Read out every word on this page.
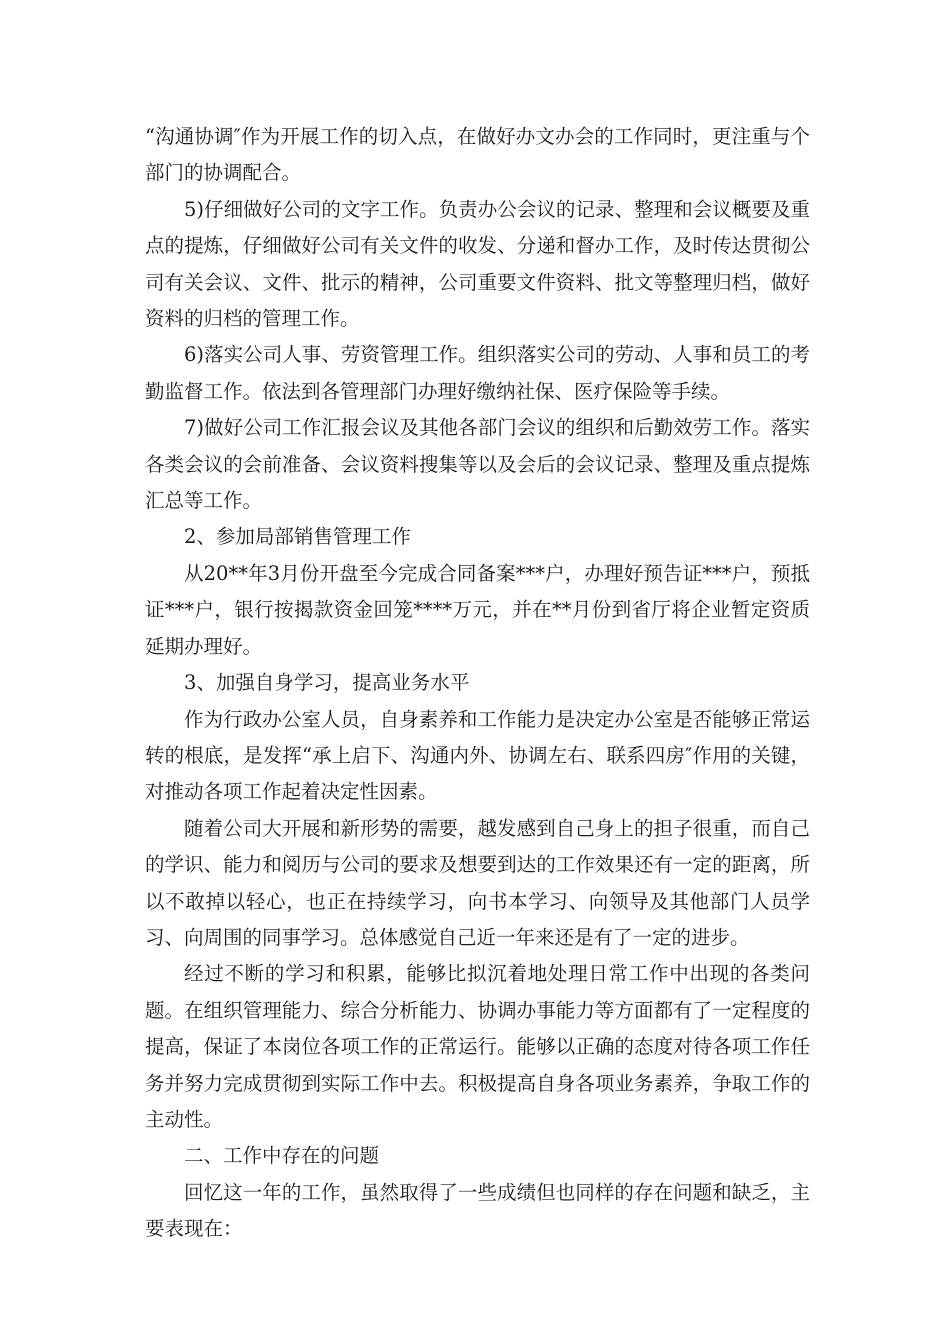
“沟通协调″作为开展工作的切入点，在做好办文办会的工作同时，更注重与个部门的协调配合。

5)仔细做好公司的文字工作。负责办公会议的记录、整理和会议概要及重点的提炼，仔细做好公司有关文件的收发、分递和督办工作，及时传达贯彻公司有关会议、文件、批示的精神，公司重要文件资料、批文等整理归档，做好资料的归档的管理工作。

6)落实公司人事、劳资管理工作。组织落实公司的劳动、人事和员工的考勤监督工作。依法到各管理部门办理好缴纳社保、医疗保险等手续。

7)做好公司工作汇报会议及其他各部门会议的组织和后勤效劳工作。落实各类会议的会前准备、会议资料搜集等以及会后的会议记录、整理及重点提炼汇总等工作。

2、参加局部销售管理工作

从20**年3月份开盘至今完成合同备案***户，办理好预告证***户，预抵证***户，银行按揭款资金回笼****万元，并在**月份到省厅将企业暂定资质延期办理好。

3、加强自身学习，提高业务水平

作为行政办公室人员，自身素养和工作能力是决定办公室是否能够正常运转的根底，是发挥“承上启下、沟通内外、协调左右、联系四房″作用的关键，对推动各项工作起着决定性因素。

随着公司大开展和新形势的需要，越发感到自己身上的担子很重，而自己的学识、能力和阅历与公司的要求及想要到达的工作效果还有一定的距离，所以不敢掉以轻心，也正在持续学习，向书本学习、向领导及其他部门人员学习、向周围的同事学习。总体感觉自己近一年来还是有了一定的进步。

经过不断的学习和积累，能够比拟沉着地处理日常工作中出现的各类问题。在组织管理能力、综合分析能力、协调办事能力等方面都有了一定程度的提高，保证了本岗位各项工作的正常运行。能够以正确的态度对待各项工作任务并努力完成贯彻到实际工作中去。积极提高自身各项业务素养，争取工作的主动性。

二、工作中存在的问题

回忆这一年的工作，虽然取得了一些成绩但也同样的存在问题和缺乏，主要表现在：
